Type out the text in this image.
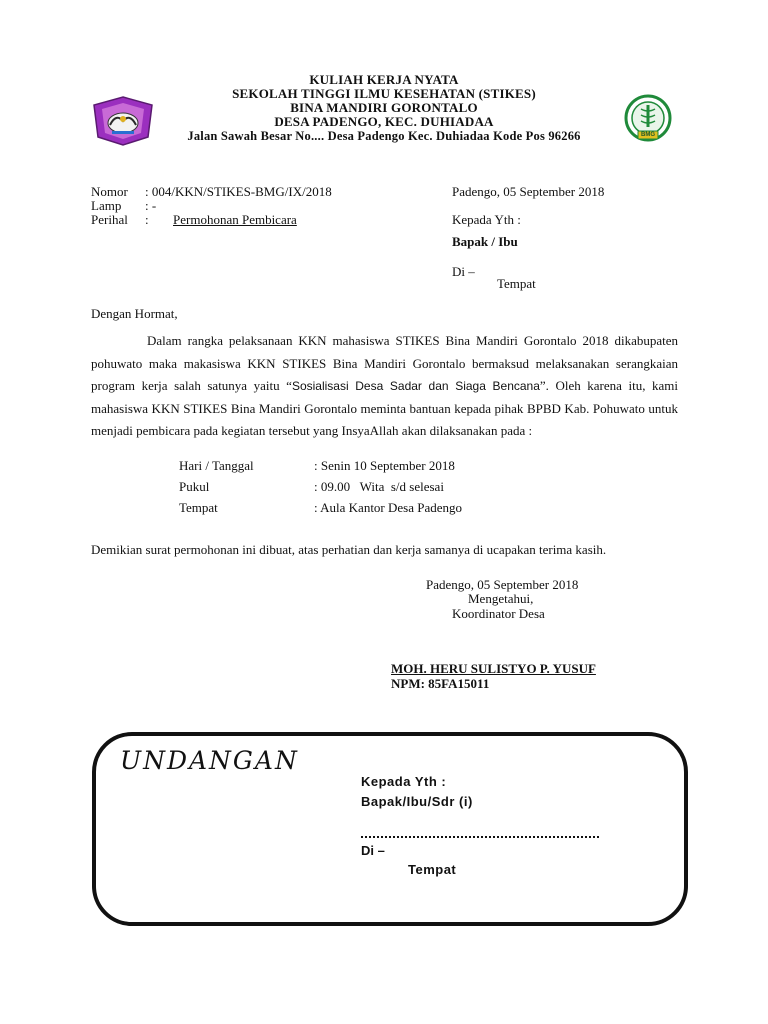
BMG
KULIAH KERJA NYATA
SEKOLAH TINGGI ILMU KESEHATAN (STIKES)
BINA MANDIRI GORONTALO
DESA PADENGO, KEC. DUHIADAA
Jalan Sawah Besar No.... Desa Padengo Kec. Duhiadaa Kode Pos 96266
Nomor : 004/KKN/STIKES-BMG/IX/2018
Lamp : -
Perihal : Permohonan Pembicara
Padengo, 05 September 2018
Kepada Yth :
Bapak / Ibu
Di –
Tempat
Dengan Hormat,
Dalam rangka pelaksanaan KKN mahasiswa STIKES Bina Mandiri Gorontalo 2018 dikabupaten pohuwato maka makasiswa KKN STIKES Bina Mandiri Gorontalo bermaksud melaksanakan serangkaian program kerja salah satunya yaitu “Sosialisasi Desa Sadar dan Siaga Bencana”. Oleh karena itu, kami mahasiswa KKN STIKES Bina Mandiri Gorontalo meminta bantuan kepada pihak BPBD Kab. Pohuwato untuk menjadi pembicara pada kegiatan tersebut yang InsyaAllah akan dilaksanakan pada :
Hari / Tanggal	: Senin 10 September 2018
Pukul	: 09.00   Wita  s/d selesai
Tempat	: Aula Kantor Desa Padengo
Demikian surat permohonan ini dibuat, atas perhatian dan kerja samanya di ucapakan terima kasih.
Padengo, 05 September 2018
Mengetahui,
Koordinator Desa
MOH. HERU SULISTYO P. YUSUF
NPM: 85FA15011
UNDANGAN
Kepada Yth :
Bapak/Ibu/Sdr (i)
Di –
Tempat
